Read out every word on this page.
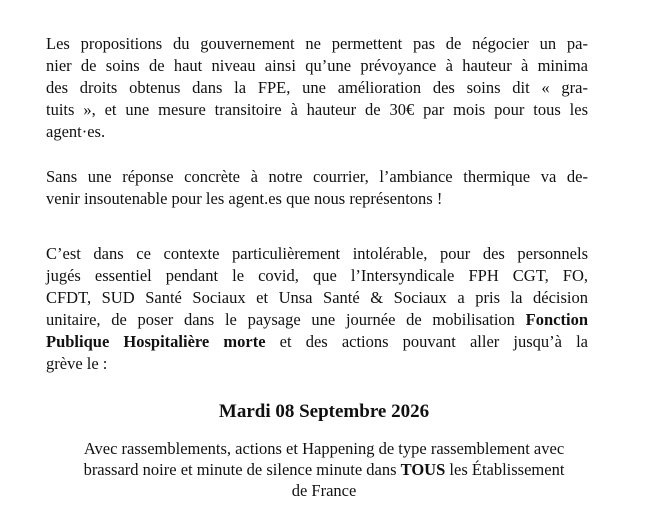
Les propositions du gouvernement ne permettent pas de négocier un pa-
nier de soins de haut niveau ainsi qu’une prévoyance à hauteur à minima
des droits obtenus dans la FPE, une amélioration des soins dit « gra-
tuits », et une mesure transitoire à hauteur de 30€ par mois pour tous les
agent·es.

Sans une réponse concrète à notre courrier, l’ambiance thermique va de-
venir insoutenable pour les agent.es que nous représentons !

C’est dans ce contexte particulièrement intolérable, pour des personnels
jugés essentiel pendant le covid, que l’Intersyndicale FPH CGT, FO,
CFDT, SUD Santé Sociaux et Unsa Santé & Sociaux a pris la décision
unitaire, de poser dans le paysage une journée de mobilisation Fonction
Publique Hospitalière morte et des actions pouvant aller jusqu’à la
grève le :

Mardi 08 Septembre 2026

Avec rassemblements, actions et Happening de type rassemblement avec
brassard noire et minute de silence minute dans TOUS les Établissement
de France
